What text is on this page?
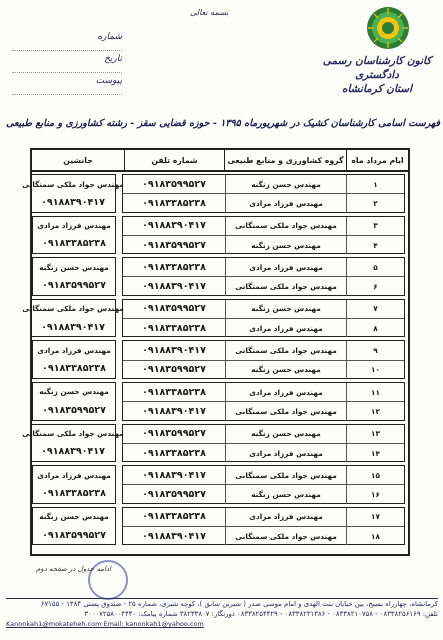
کانون کارشناسان رسمی دادگستری
استان کرمانشاه
بسمه تعالی
شماره
تاریخ
پیوست
فهرست اسامی کارشناسان کشیک در شهریورماه ۱۳۹۵ - حوزه قضایی سقز - رشته کشاورزی و منابع طبیعی
ایام مرداد ماه
گروه کشاورزی و منابع طبیعی
شماره تلفن
جانشین
۱
مهندس حسن زنگنه
۰۹۱۸۳۵۹۹۵۲۷
۲
مهندس فرزاد مرادی
۰۹۱۸۳۳۸۵۲۳۸
مهندس جواد ملکی سمنگانی
۰۹۱۸۸۳۹۰۴۱۷
۳
مهندس جواد ملکی سمنگانی
۰۹۱۸۸۳۹۰۴۱۷
۴
مهندس حسن زنگنه
۰۹۱۸۳۵۹۹۵۲۷
مهندس فرزاد مرادی
۰۹۱۸۳۳۸۵۲۳۸
۵
مهندس فرزاد مرادی
۰۹۱۸۳۳۸۵۲۳۸
۶
مهندس جواد ملکی سمنگانی
۰۹۱۸۸۳۹۰۴۱۷
مهندس حسن زنگنه
۰۹۱۸۳۵۹۹۵۲۷
۷
مهندس حسن زنگنه
۰۹۱۸۳۵۹۹۵۲۷
۸
مهندس فرزاد مرادی
۰۹۱۸۳۳۸۵۲۳۸
مهندس جواد ملکی سمنگانی
۰۹۱۸۸۳۹۰۴۱۷
۹
مهندس جواد ملکی سمنگانی
۰۹۱۸۸۳۹۰۴۱۷
۱۰
مهندس حسن زنگنه
۰۹۱۸۳۵۹۹۵۲۷
مهندس فرزاد مرادی
۰۹۱۸۳۳۸۵۲۳۸
۱۱
مهندس فرزاد مرادی
۰۹۱۸۳۳۸۵۲۳۸
۱۲
مهندس جواد ملکی سمنگانی
۰۹۱۸۸۳۹۰۴۱۷
مهندس حسن زنگنه
۰۹۱۸۳۵۹۹۵۲۷
۱۳
مهندس حسن زنگنه
۰۹۱۸۳۵۹۹۵۲۷
۱۴
مهندس فرزاد مرادی
۰۹۱۸۳۳۸۵۲۳۸
مهندس جواد ملکی سمنگانی
۰۹۱۸۸۳۹۰۴۱۷
۱۵
مهندس جواد ملکی سمنگانی
۰۹۱۸۸۳۹۰۴۱۷
۱۶
مهندس حسن زنگنه
۰۹۱۸۳۵۹۹۵۲۷
مهندس فرزاد مرادی
۰۹۱۸۳۳۸۵۲۳۸
۱۷
مهندس فرزاد مرادی
۰۹۱۸۳۳۸۵۲۳۸
۱۸
مهندس جواد ملکی سمنگانی
۰۹۱۸۸۳۹۰۴۱۷
مهندس حسن زنگنه
۰۹۱۸۳۵۹۹۵۲۷
ادامه جدول در صفحه دوم
کرمانشاه، چهارراه بسیج، بین خیابان بنت الهدی و امام موسی صدر ( شیرین سابق )، کوچه شیری، شماره ۲۵ - صندوق پستی ۱۳۸۴ - ۶۷۱۵۵
تلفن: ۰۸۳۳۸۲۵۶۱۶۹ - ۰۸۳۳۸۲۱۰۷۵۸ - ۰۸۳۳۸۲۳۱۳۸۶ - ۰۸۳۳۸۲۵۴۴۲۹ دورنگار: ۳۸۲۳۳۸۰۷ شماره پیامک: ۳۰۰۰۷۲۵۸۰۰۴۴۴۰
Kanonkah1@mokateheh.com Email: kanonkah1@yahoo.com
